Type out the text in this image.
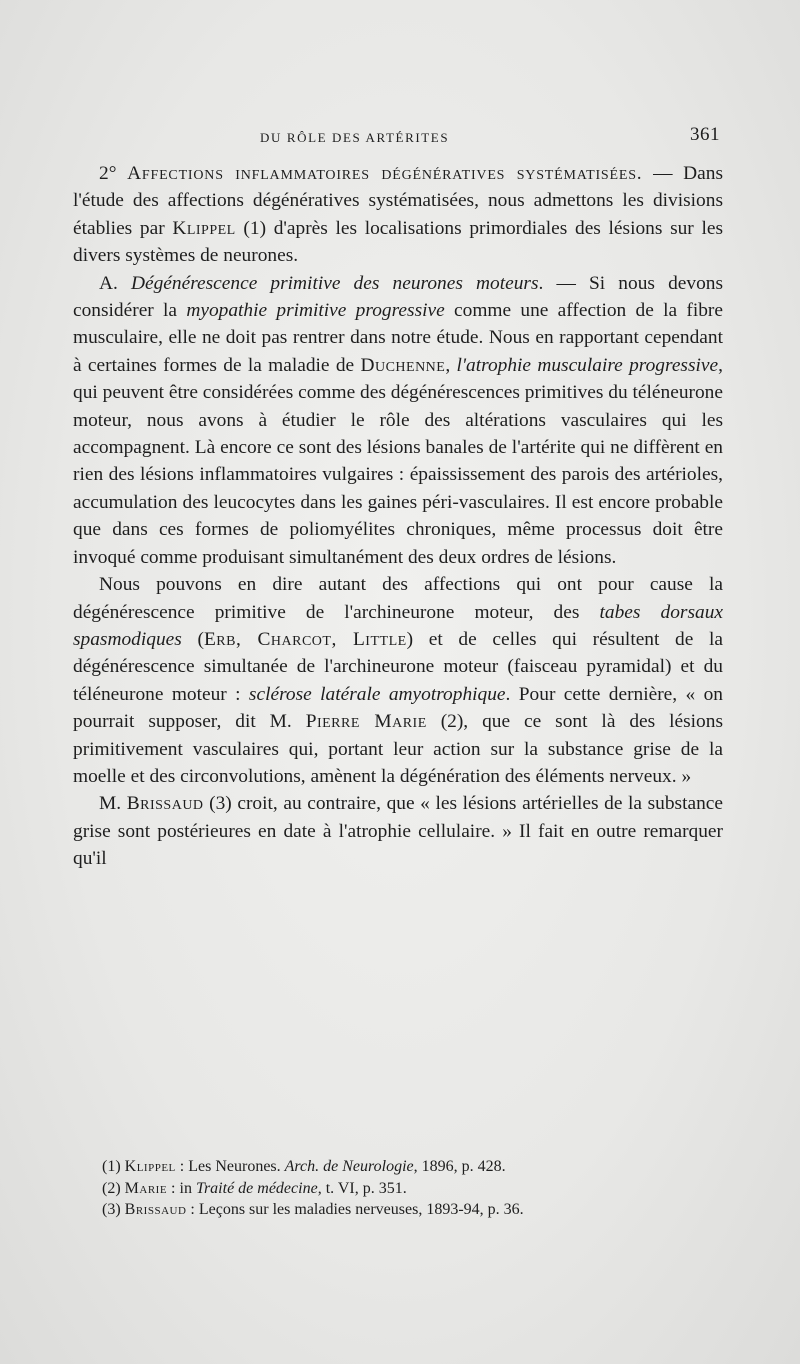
DU RÔLE DES ARTÉRITES	361

2° Affections inflammatoires dégénératives systématisées. — Dans l'étude des affections dégénératives systématisées, nous admettons les divisions établies par Klippel (1) d'après les localisations primordiales des lésions sur les divers systèmes de neurones.

A. Dégénérescence primitive des neurones moteurs. — Si nous devons considérer la myopathie primitive progressive comme une affection de la fibre musculaire, elle ne doit pas rentrer dans notre étude. Nous en rapportant cependant à certaines formes de la maladie de Duchenne, l'atrophie musculaire progressive, qui peuvent être considérées comme des dégénérescences primitives du téléneurone moteur, nous avons à étudier le rôle des altérations vasculaires qui les accompagnent. Là encore ce sont des lésions banales de l'artérite qui ne diffèrent en rien des lésions inflammatoires vulgaires : épaississement des parois des artérioles, accumulation des leucocytes dans les gaines péri-vasculaires. Il est encore probable que dans ces formes de poliomyélites chroniques, même processus doit être invoqué comme produisant simultanément des deux ordres de lésions.

Nous pouvons en dire autant des affections qui ont pour cause la dégénérescence primitive de l'archineurone moteur, des tabes dorsaux spasmodiques (Erb, Charcot, Little) et de celles qui résultent de la dégénérescence simultanée de l'archineurone moteur (faisceau pyramidal) et du téléneurone moteur : sclérose latérale amyotrophique. Pour cette dernière, « on pourrait supposer, dit M. Pierre Marie (2), que ce sont là des lésions primitivement vasculaires qui, portant leur action sur la substance grise de la moelle et des circonvolutions, amènent la dégénération des éléments nerveux. »

M. Brissaud (3) croit, au contraire, que « les lésions artérielles de la substance grise sont postérieures en date à l'atrophie cellulaire. » Il fait en outre remarquer qu'il

(1) Klippel : Les Neurones. Arch. de Neurologie, 1896, p. 428.
(2) Marie : in Traité de médecine, t. VI, p. 351.
(3) Brissaud : Leçons sur les maladies nerveuses, 1893-94, p. 36.
